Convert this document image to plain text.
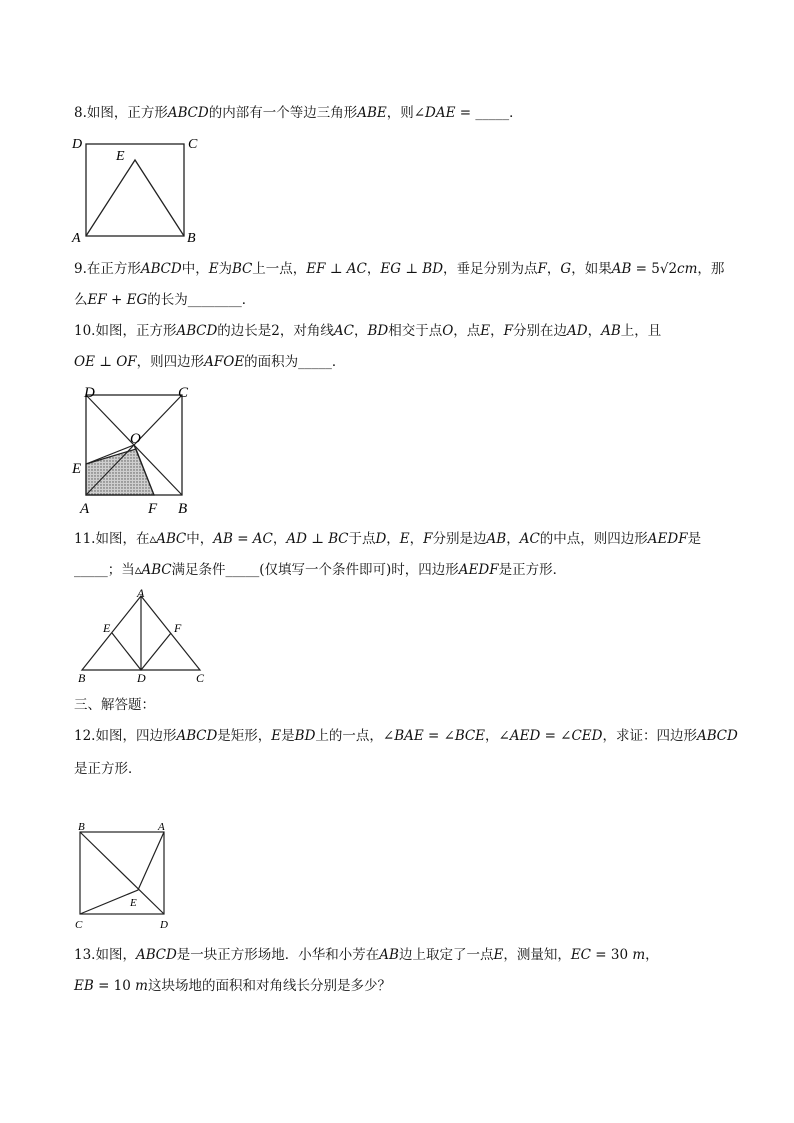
8.如图，正方形𝐴𝐵𝐶𝐷的内部有一个等边三角形𝐴𝐵𝐸，则∠𝐷𝐴𝐸 = _____．
D	C
E
A	B
9.在正方形𝐴𝐵𝐶𝐷中，𝐸为𝐵𝐶上一点，𝐸𝐹 ⊥ 𝐴𝐶，𝐸𝐺 ⊥ 𝐵𝐷，垂足分别为点𝐹，𝐺，如果𝐴𝐵 = 5√2𝑐𝑚，那
么𝐸𝐹 + 𝐸𝐺的长为________．
10.如图，正方形𝐴𝐵𝐶𝐷的边长是2，对角线𝐴𝐶，𝐵𝐷相交于点𝑂，点𝐸，𝐹分别在边𝐴𝐷，𝐴𝐵上，且
𝑂𝐸 ⊥ 𝑂𝐹，则四边形𝐴𝐹𝑂𝐸的面积为_____．
D	C
O
E
A	F B
11.如图，在▵𝐴𝐵𝐶中，𝐴𝐵 = 𝐴𝐶，𝐴𝐷 ⊥ 𝐵𝐶于点𝐷，𝐸，𝐹分别是边𝐴𝐵，𝐴𝐶的中点，则四边形𝐴𝐸𝐷𝐹是
_____；当▵𝐴𝐵𝐶满足条件_____(仅填写一个条件即可)时，四边形𝐴𝐸𝐷𝐹是正方形．
A
E	F
B	D	C
三、解答题：
12.如图，四边形𝐴𝐵𝐶𝐷是矩形，𝐸是𝐵𝐷上的一点，∠𝐵𝐴𝐸 = ∠𝐵𝐶𝐸，∠𝐴𝐸𝐷 = ∠𝐶𝐸𝐷，求证：四边形𝐴𝐵𝐶𝐷
是正方形．
B	A
E
C	D
13.如图，𝐴𝐵𝐶𝐷是一块正方形场地．小华和小芳在𝐴𝐵边上取定了一点𝐸，测量知，𝐸𝐶 = 30 𝑚，
𝐸𝐵 = 10 𝑚这块场地的面积和对角线长分别是多少？
